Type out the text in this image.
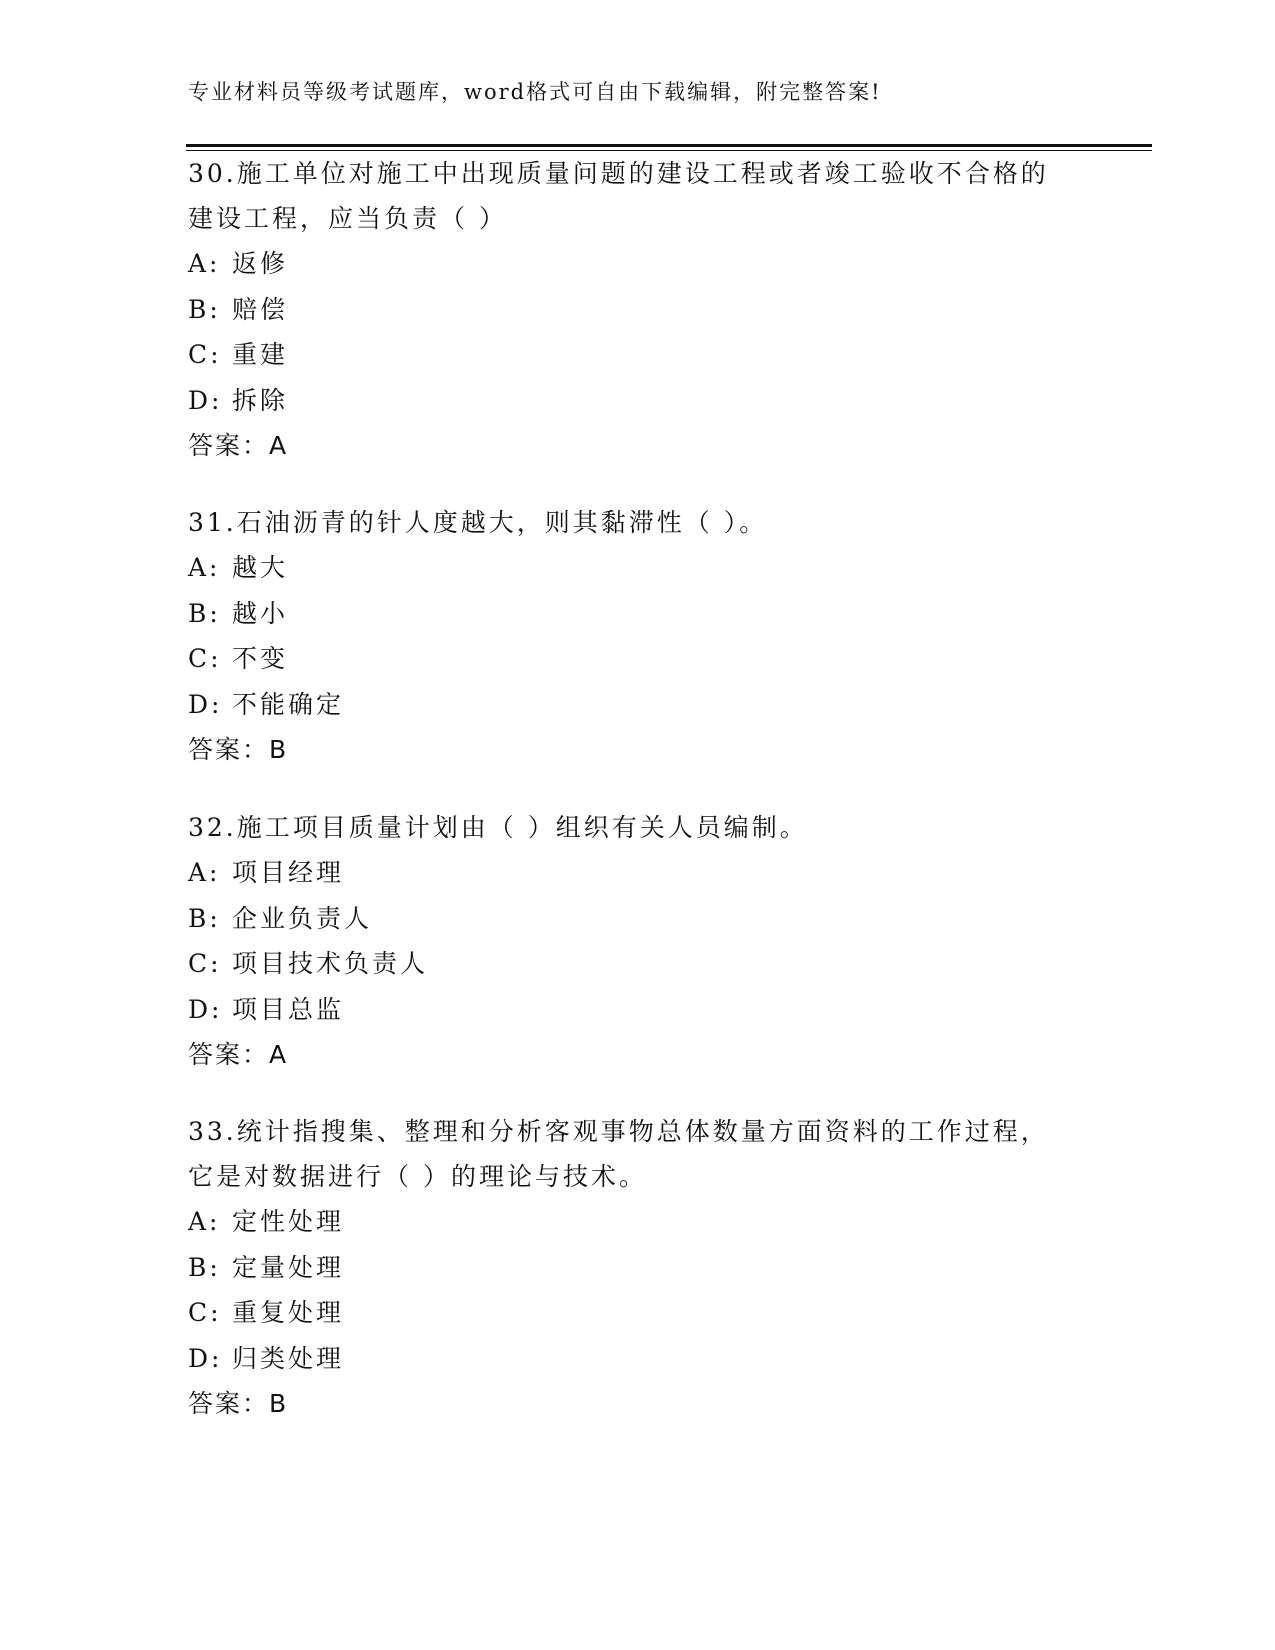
专业材料员等级考试题库，word格式可自由下载编辑，附完整答案!

30.施工单位对施工中出现质量问题的建设工程或者竣工验收不合格的
建设工程，应当负责（ ）

A: 返修
B: 赔偿
C: 重建
D: 拆除
答案：A

31.石油沥青的针人度越大，则其黏滞性（ ）。

A: 越大
B: 越小
C: 不变
D: 不能确定
答案：B

32.施工项目质量计划由（ ）组织有关人员编制。

A: 项目经理
B: 企业负责人
C: 项目技术负责人
D: 项目总监
答案：A

33.统计指搜集、整理和分析客观事物总体数量方面资料的工作过程，
它是对数据进行（ ）的理论与技术。

A: 定性处理
B: 定量处理
C: 重复处理
D: 归类处理
答案：B
